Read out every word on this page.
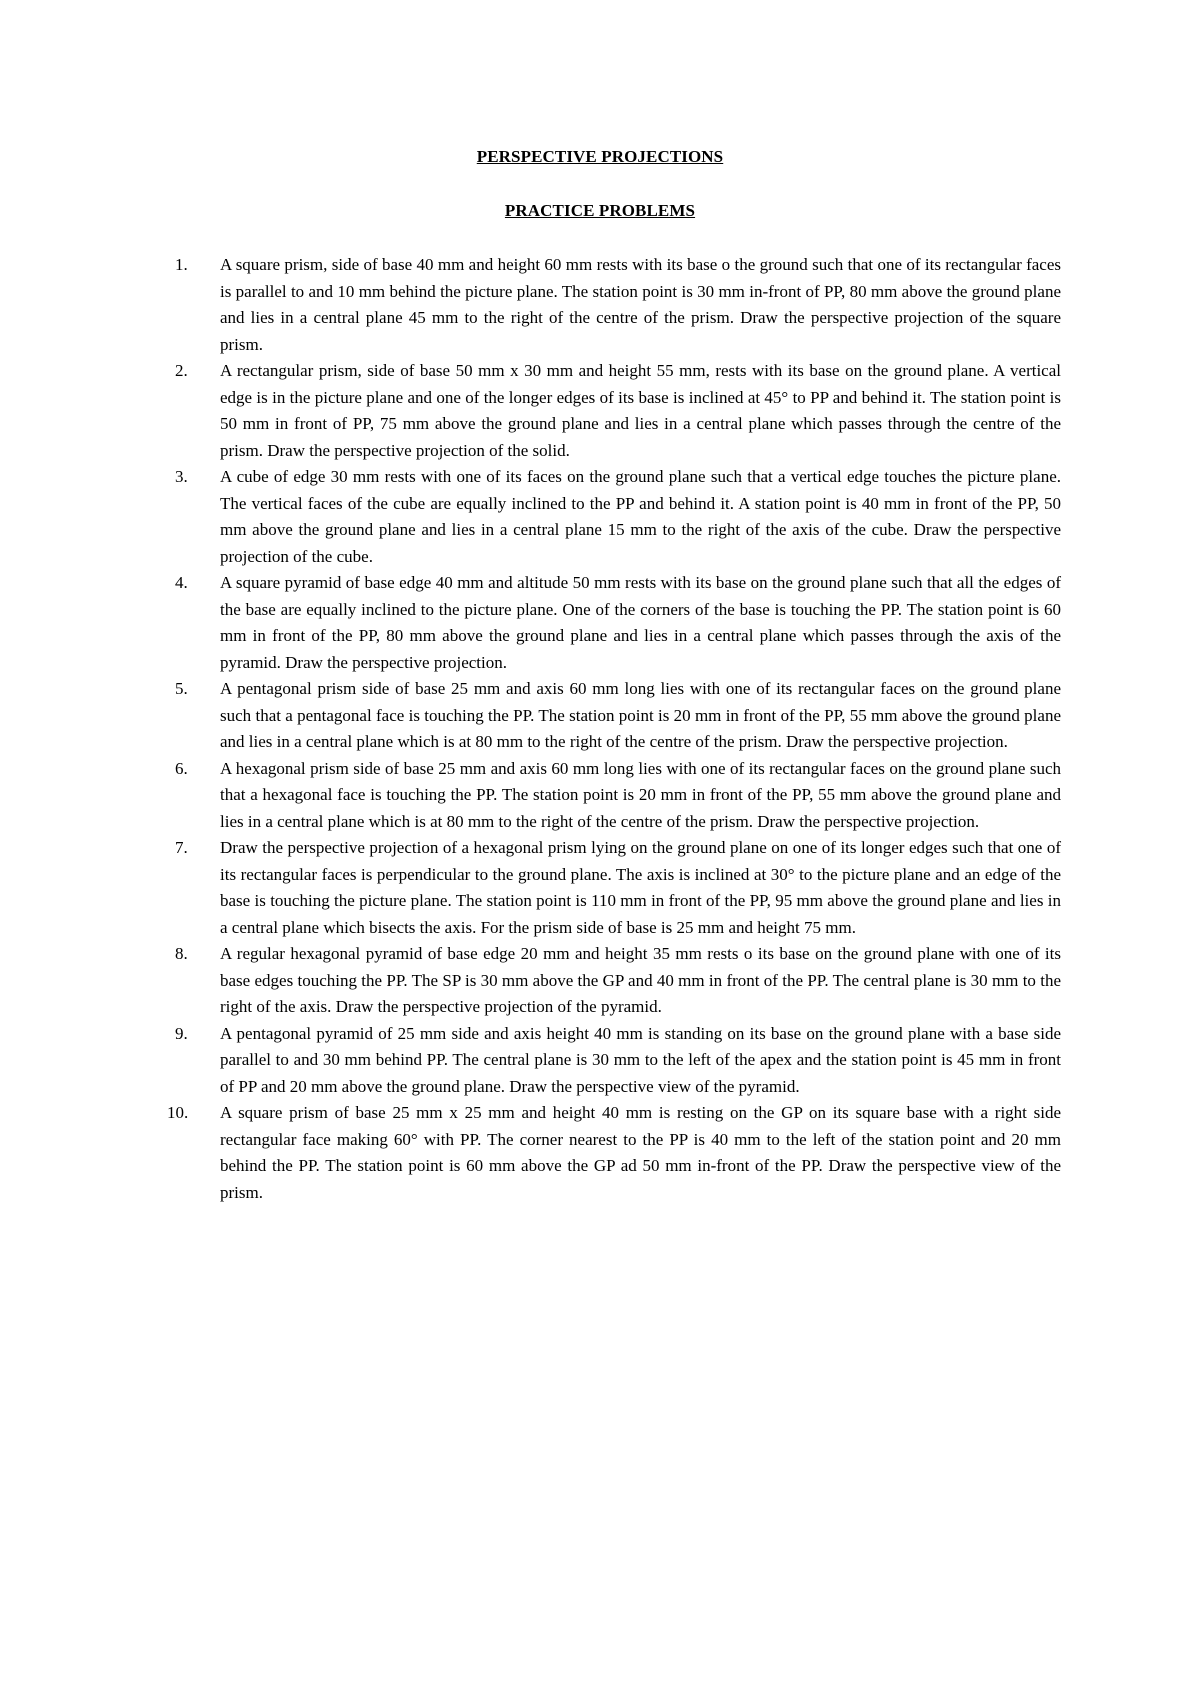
PERSPECTIVE PROJECTIONS
PRACTICE PROBLEMS
1.	A square prism, side of base 40 mm and height 60 mm rests with its base o the ground such that one of its rectangular faces is parallel to and 10 mm behind the picture plane. The station point is 30 mm in-front of PP, 80 mm above the ground plane and lies in a central plane 45 mm to the right of the centre of the prism. Draw the perspective projection of the square prism.
2.	A rectangular prism, side of base 50 mm x 30 mm and height 55 mm, rests with its base on the ground plane. A vertical edge is in the picture plane and one of the longer edges of its base is inclined at 45° to PP and behind it. The station point is 50 mm in front of PP, 75 mm above the ground plane and lies in a central plane which passes through the centre of the prism. Draw the perspective projection of the solid.
3.	A cube of edge 30 mm rests with one of its faces on the ground plane such that a vertical edge touches the picture plane. The vertical faces of the cube are equally inclined to the PP and behind it. A station point is 40 mm in front of the PP, 50 mm above the ground plane and lies in a central plane 15 mm to the right of the axis of the cube. Draw the perspective projection of the cube.
4.	A square pyramid of base edge 40 mm and altitude 50 mm rests with its base on the ground plane such that all the edges of the base are equally inclined to the picture plane. One of the corners of the base is touching the PP. The station point is 60 mm in front of the PP, 80 mm above the ground plane and lies in a central plane which passes through the axis of the pyramid. Draw the perspective projection.
5.	A pentagonal prism side of base 25 mm and axis 60 mm long lies with one of its rectangular faces on the ground plane such that a pentagonal face is touching the PP. The station point is 20 mm in front of the PP, 55 mm above the ground plane and lies in a central plane which is at 80 mm to the right of the centre of the prism. Draw the perspective projection.
6.	A hexagonal prism side of base 25 mm and axis 60 mm long lies with one of its rectangular faces on the ground plane such that a hexagonal face is touching the PP. The station point is 20 mm in front of the PP, 55 mm above the ground plane and lies in a central plane which is at 80 mm to the right of the centre of the prism. Draw the perspective projection.
7.	Draw the perspective projection of a hexagonal prism lying on the ground plane on one of its longer edges such that one of its rectangular faces is perpendicular to the ground plane. The axis is inclined at 30° to the picture plane and an edge of the base is touching the picture plane. The station point is 110 mm in front of the PP, 95 mm above the ground plane and lies in a central plane which bisects the axis. For the prism side of base is 25 mm and height 75 mm.
8.	A regular hexagonal pyramid of base edge 20 mm and height 35 mm rests o its base on the ground plane with one of its base edges touching the PP. The SP is 30 mm above the GP and 40 mm in front of the PP. The central plane is 30 mm to the right of the axis. Draw the perspective projection of the pyramid.
9.	A pentagonal pyramid of 25 mm side and axis height 40 mm is standing on its base on the ground plane with a base side parallel to and 30 mm behind PP. The central plane is 30 mm to the left of the apex and the station point is 45 mm in front of PP and 20 mm above the ground plane. Draw the perspective view of the pyramid.
10.	A square prism of base 25 mm x 25 mm and height 40 mm is resting on the GP on its square base with a right side rectangular face making 60° with PP. The corner nearest to the PP is 40 mm to the left of the station point and 20 mm behind the PP. The station point is 60 mm above the GP ad 50 mm in-front of the PP. Draw the perspective view of the prism.
